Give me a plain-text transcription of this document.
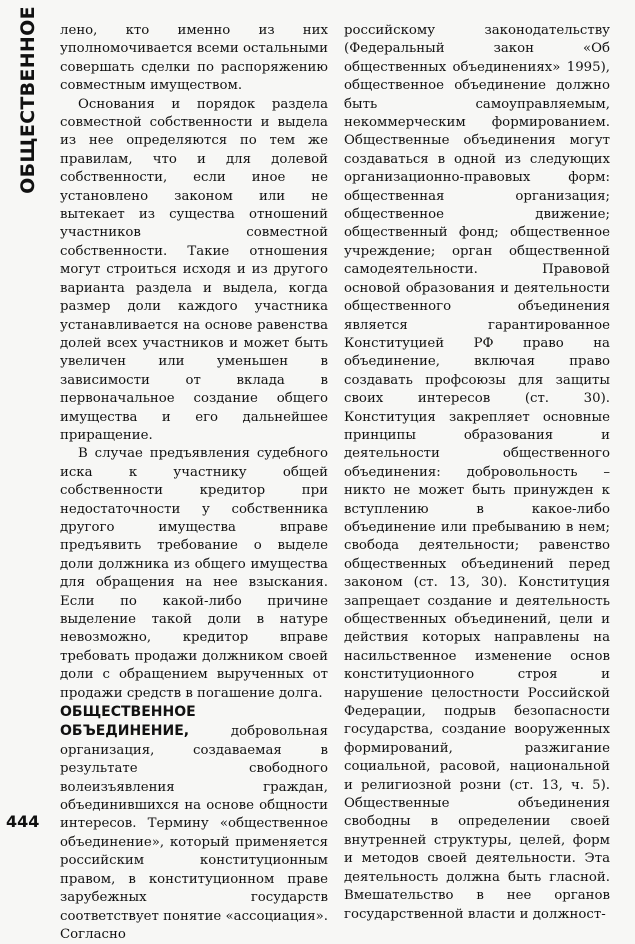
ОБЩЕСТВЕННОЕ лено, кто именно из них уполномочивается всеми остальными совершать сделки по распоряжению совместным имуществом.

Основания и порядок раздела совместной собственности и выдела из нее определяются по тем же правилам, что и для долевой собственности, если иное не установлено законом или не вытекает из существа отношений участников совместной собственности. Такие отношения могут строиться исходя и из другого варианта раздела и выдела, когда размер доли каждого участника устанавливается на основе равенства долей всех участников и может быть увеличен или уменьшен в зависимости от вклада в первоначальное создание общего имущества и его дальнейшее приращение.

В случае предъявления судебного иска к участнику общей собственности кредитор при недостаточности у собственника другого имущества вправе предъявить требование о выделе доли должника из общего имущества для обращения на нее взыскания. Если по какой-либо причине выделение такой доли в натуре невозможно, кредитор вправе требовать продажи должником своей доли с обращением вырученных от продажи средств в погашение долга.

ОБЩЕСТВЕННОЕ ОБЪЕДИНЕНИЕ,	добровольная организация, создаваемая в результате свободного волеизъявления граждан, объединившихся на основе общности интересов. Термину «общественное объединение», который применяется российским конституционным правом, в конституционном праве зарубежных государств соответствует понятие «ассоциация». Согласно

российскому законодательству (Федеральный закон «Об общественных объединениях» 1995), общественное объединение должно быть самоуправляемым, некоммерческим формированием. Общественные объединения могут создаваться в одной из следующих организационно-правовых форм: общественная организация; общественное движение; общественный фонд; общественное учреждение; орган общественной самодеятельности. Правовой основой образования и деятельности общественного объединения является гарантированное Конституцией РФ право на объединение, включая право создавать профсоюзы для защиты своих интересов (ст. 30). Конституция закрепляет основные принципы образования и деятельности общественного объединения: добровольность – никто не может быть принужден к вступлению в какое-либо объединение или пребыванию в нем; свобода деятельности; равенство общественных объединений перед законом (ст. 13, 30). Конституция запрещает создание и деятельность общественных объединений, цели и действия которых направлены на насильственное изменение основ конституционного строя и нарушение целостности Российской Федерации, подрыв безопасности государства, создание вооруженных формирований, разжигание социальной, расовой, национальной и религиозной розни (ст. 13, ч. 5). Общественные объединения свободны в определении своей внутренней структуры, целей, форм и методов своей деятельности. Эта деятельность должна быть гласной. Вмешательство в нее органов государственной власти и должност-

444
